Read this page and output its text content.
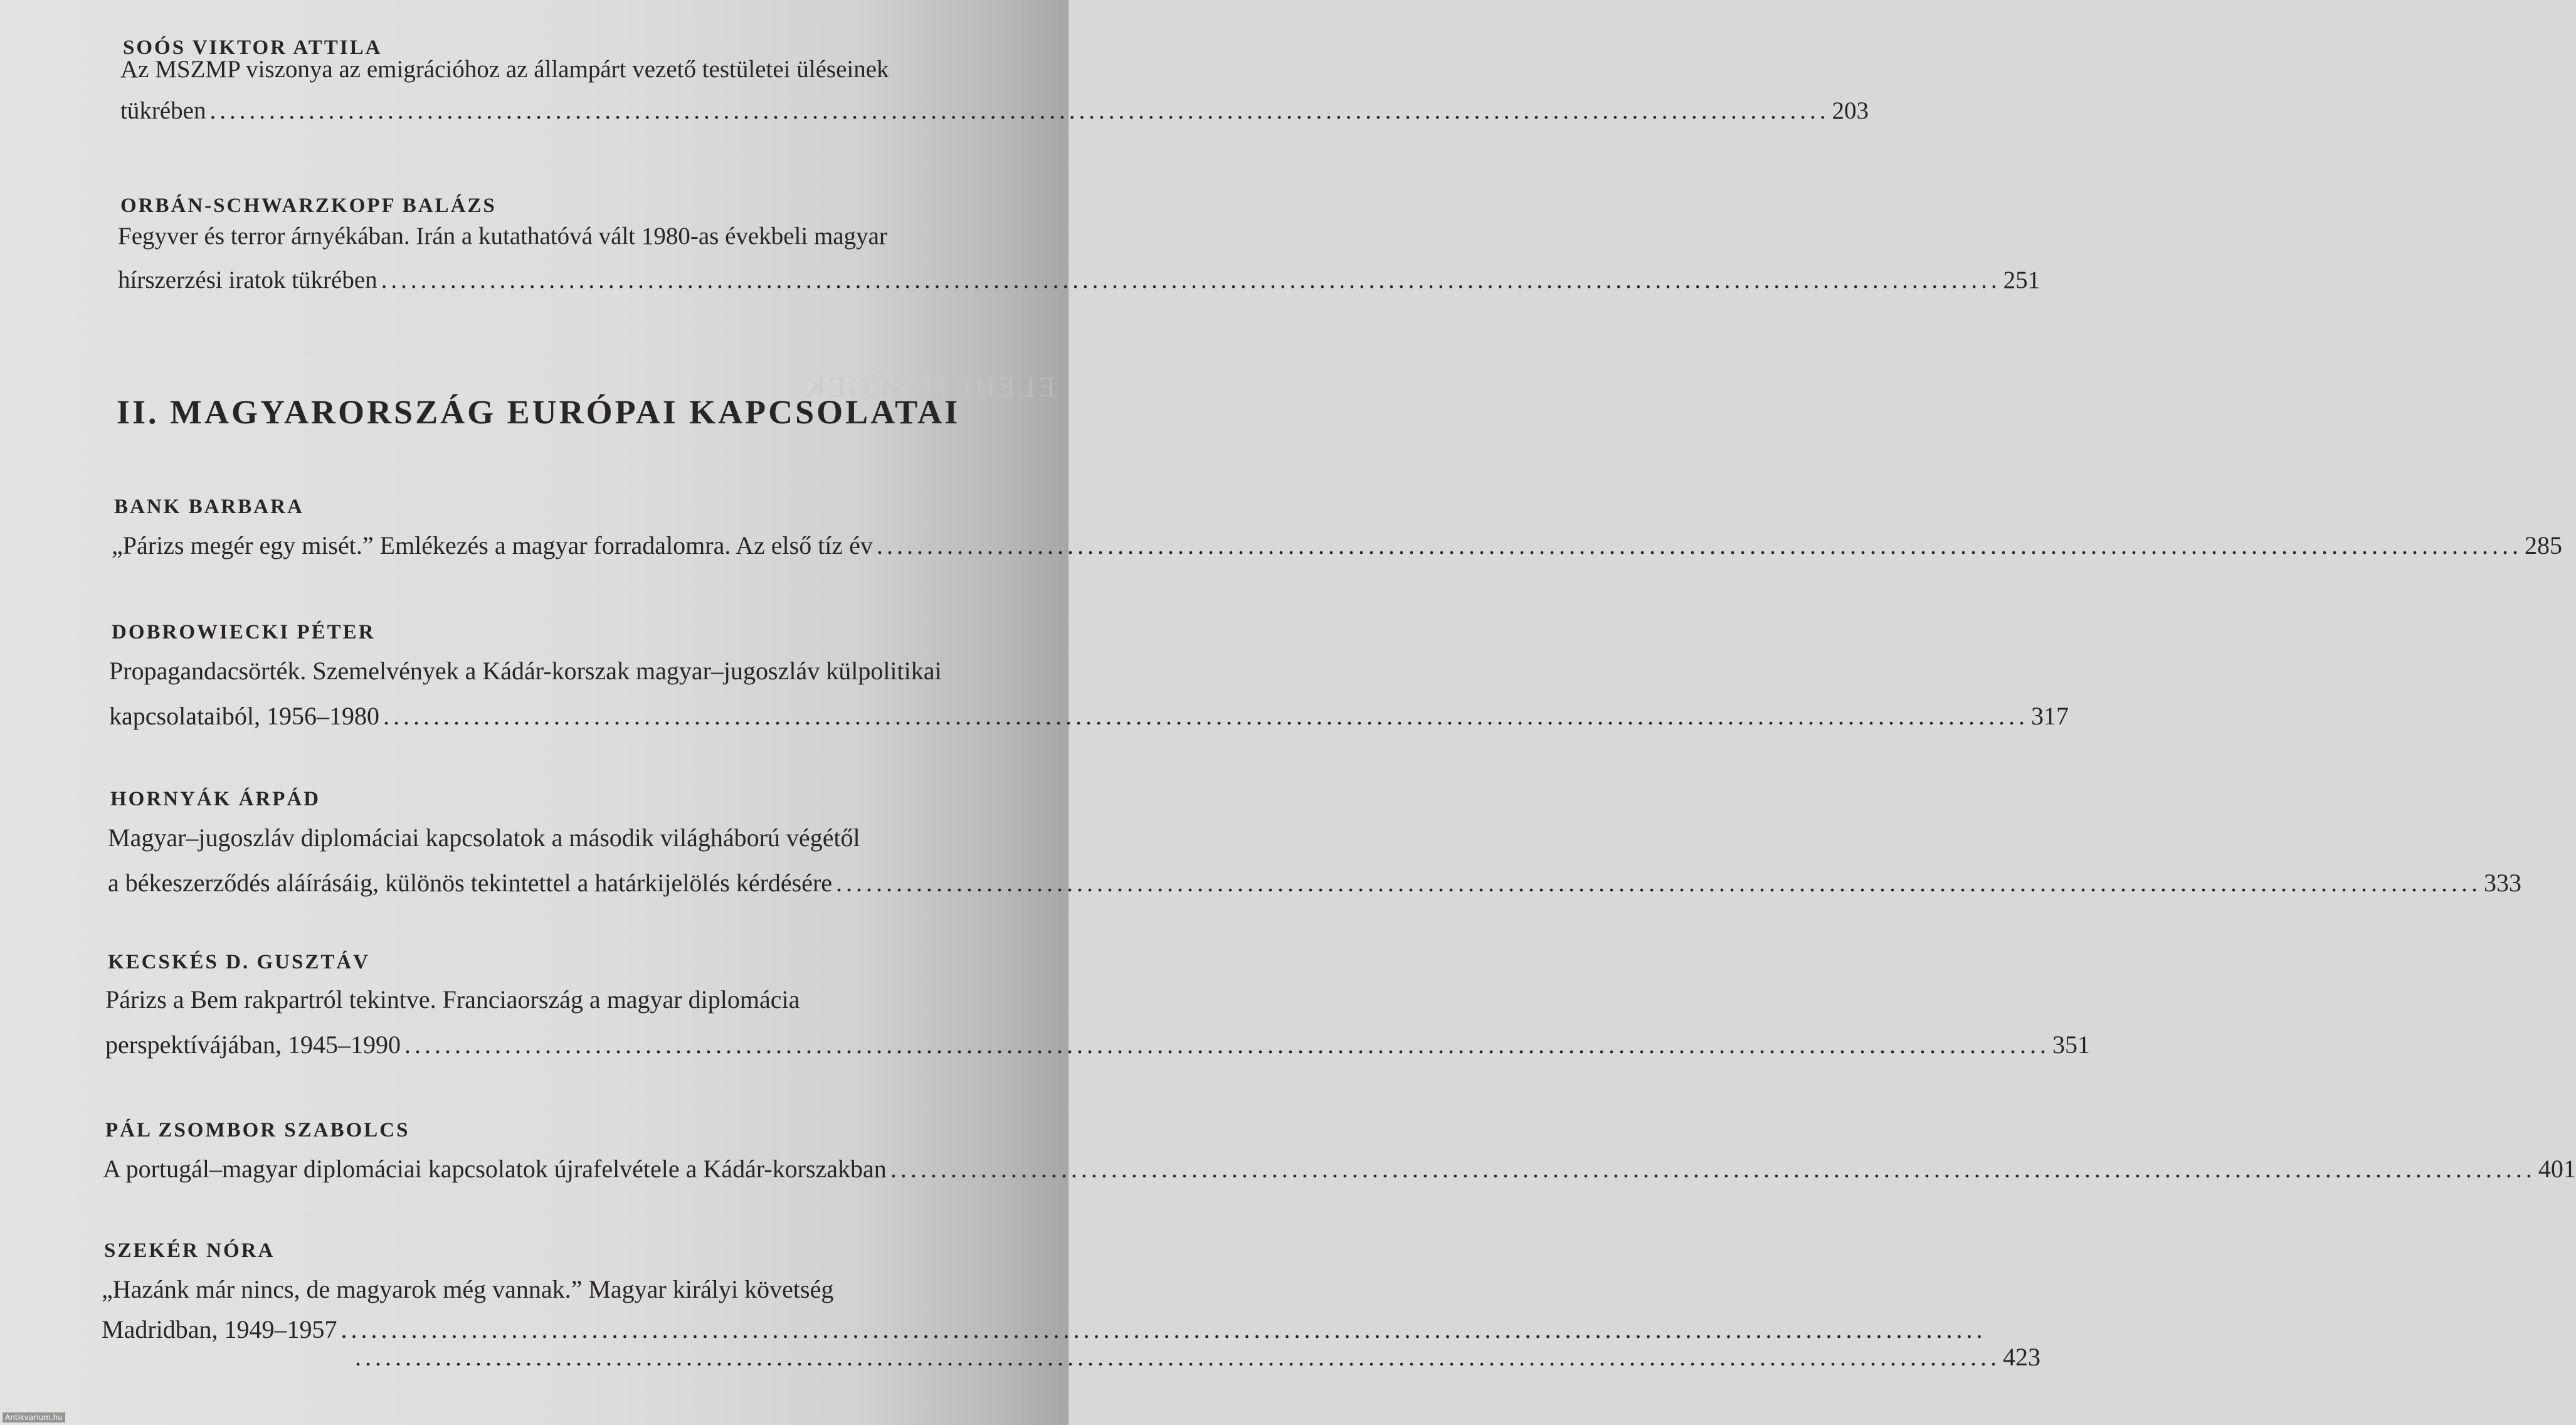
ELEHETŐSÉGEK
SOÓS VIKTOR ATTILA
Az MSZMP viszonya az emigrációhoz az állampárt vezető testületei üléseinek
tükrében .................................................................................................................................................................... 203
ORBÁN-SCHWARZKOPF BALÁZS
Fegyver és terror árnyékában. Irán a kutathatóvá vált 1980-as évekbeli magyar
hírszerzési iratok tükrében .................................................................................................................................................................... 251
II. MAGYARORSZÁG EURÓPAI KAPCSOLATAI
BANK BARBARA
„Párizs megér egy misét.” Emlékezés a magyar forradalomra. Az első tíz év .................................................................................................................................................................... 285
DOBROWIECKI PÉTER
Propagandacsörték. Szemelvények a Kádár-korszak magyar–jugoszláv külpolitikai
kapcsolataiból, 1956–1980 .................................................................................................................................................................... 317
HORNYÁK ÁRPÁD
Magyar–jugoszláv diplomáciai kapcsolatok a második világháború végétől
a békeszerződés aláírásáig, különös tekintettel a határkijelölés kérdésére .................................................................................................................................................................... 333
KECSKÉS D. GUSZTÁV
Párizs a Bem rakpartról tekintve. Franciaország a magyar diplomácia
perspektívájában, 1945–1990 .................................................................................................................................................................... 351
PÁL ZSOMBOR SZABOLCS
A portugál–magyar diplomáciai kapcsolatok újrafelvétele a Kádár-korszakban .................................................................................................................................................................... 401
SZEKÉR NÓRA
„Hazánk már nincs, de magyarok még vannak.” Magyar királyi követség
Madridban, 1949–1957 ....................................................................................................................................................................
.................................................................................................................................................................... 423
Antikvarium.hu
